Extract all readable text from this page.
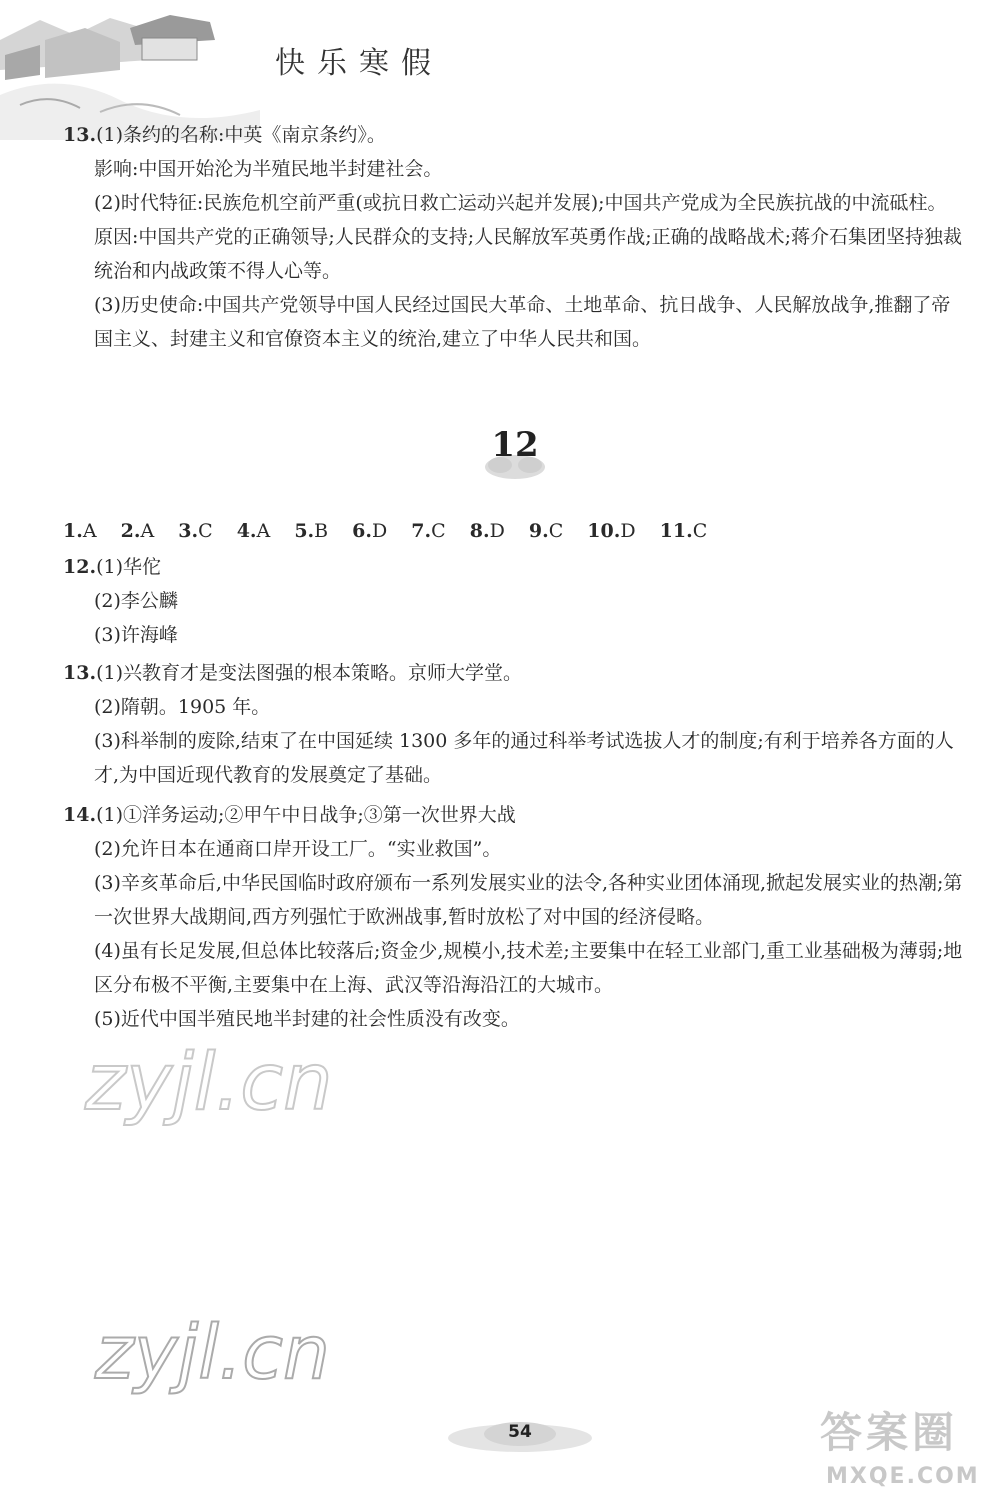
快乐寒假
13.(1)条约的名称:中英《南京条约》。
影响:中国开始沦为半殖民地半封建社会。
(2)时代特征:民族危机空前严重(或抗日救亡运动兴起并发展);中国共产党成为全民族抗战的中流砥柱。
原因:中国共产党的正确领导;人民群众的支持;人民解放军英勇作战;正确的战略战术;蒋介石集团坚持独裁统治和内战政策不得人心等。
(3)历史使命:中国共产党领导中国人民经过国民大革命、土地革命、抗日战争、人民解放战争,推翻了帝国主义、封建主义和官僚资本主义的统治,建立了中华人民共和国。
12
1.A 2.A 3.C 4.A 5.B 6.D 7.C 8.D 9.C 10.D 11.C
12.(1)华佗
(2)李公麟
(3)许海峰
13.(1)兴教育才是变法图强的根本策略。京师大学堂。
(2)隋朝。1905 年。
(3)科举制的废除,结束了在中国延续 1300 多年的通过科举考试选拔人才的制度;有利于培养各方面的人才,为中国近现代教育的发展奠定了基础。
14.(1)①洋务运动;②甲午中日战争;③第一次世界大战
(2)允许日本在通商口岸开设工厂。“实业救国”。
(3)辛亥革命后,中华民国临时政府颁布一系列发展实业的法令,各种实业团体涌现,掀起发展实业的热潮;第一次世界大战期间,西方列强忙于欧洲战事,暂时放松了对中国的经济侵略。
(4)虽有长足发展,但总体比较落后;资金少,规模小,技术差;主要集中在轻工业部门,重工业基础极为薄弱;地区分布极不平衡,主要集中在上海、武汉等沿海沿江的大城市。
(5)近代中国半殖民地半封建的社会性质没有改变。
zyjl.cn
zyjl.cn
54	答案圈
MXQE.COM
